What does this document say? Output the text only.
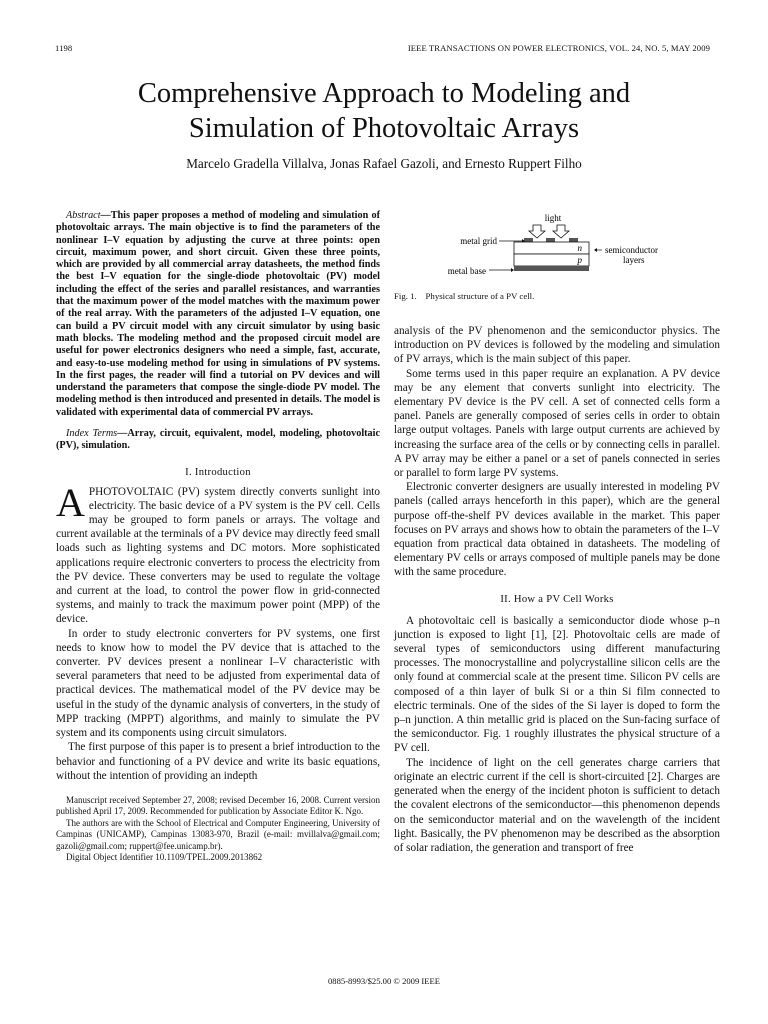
1198	IEEE TRANSACTIONS ON POWER ELECTRONICS, VOL. 24, NO. 5, MAY 2009
Comprehensive Approach to Modeling and
Simulation of Photovoltaic Arrays
Marcelo Gradella Villalva, Jonas Rafael Gazoli, and Ernesto Ruppert Filho

Abstract—This paper proposes a method of modeling and simulation of photovoltaic arrays. The main objective is to find the parameters of the nonlinear I–V equation by adjusting the curve at three points: open circuit, maximum power, and short circuit. Given these three points, which are provided by all commercial array datasheets, the method finds the best I–V equation for the single-diode photovoltaic (PV) model including the effect of the series and parallel resistances, and warranties that the maximum power of the model matches with the maximum power of the real array. With the parameters of the adjusted I–V equation, one can build a PV circuit model with any circuit simulator by using basic math blocks. The modeling method and the proposed circuit model are useful for power electronics designers who need a simple, fast, accurate, and easy-to-use modeling method for using in simulations of PV systems. In the first pages, the reader will find a tutorial on PV devices and will understand the parameters that compose the single-diode PV model. The modeling method is then introduced and presented in details. The model is validated with experimental data of commercial PV arrays.

Index Terms—Array, circuit, equivalent, model, modeling, photovoltaic (PV), simulation.

I. Introduction

APHOTOVOLTAIC (PV) system directly converts sunlight into electricity. The basic device of a PV system is the PV cell. Cells may be grouped to form panels or arrays. The voltage and current available at the terminals of a PV device may directly feed small loads such as lighting systems and DC motors. More sophisticated applications require electronic converters to process the electricity from the PV device. These converters may be used to regulate the voltage and current at the load, to control the power flow in grid-connected systems, and mainly to track the maximum power point (MPP) of the device.

In order to study electronic converters for PV systems, one first needs to know how to model the PV device that is attached to the converter. PV devices present a nonlinear I–V characteristic with several parameters that need to be adjusted from experimental data of practical devices. The mathematical model of the PV device may be useful in the study of the dynamic analysis of converters, in the study of MPP tracking (MPPT) algorithms, and mainly to simulate the PV system and its components using circuit simulators.

The first purpose of this paper is to present a brief introduction to the behavior and functioning of a PV device and write its basic equations, without the intention of providing an indepth

Manuscript received September 27, 2008; revised December 16, 2008. Current version published April 17, 2009. Recommended for publication by Associate Editor K. Ngo.

The authors are with the School of Electrical and Computer Engineering, University of Campinas (UNICAMP), Campinas 13083-970, Brazil (e-mail: mvillalva@gmail.com; gazoli@gmail.com; ruppert@fee.unicamp.br).

Digital Object Identifier 10.1109/TPEL.2009.2013862

light
metal grid
n
p
semiconductor
layers
metal base
Fig. 1. Physical structure of a PV cell.

analysis of the PV phenomenon and the semiconductor physics. The introduction on PV devices is followed by the modeling and simulation of PV arrays, which is the main subject of this paper.

Some terms used in this paper require an explanation. A PV device may be any element that converts sunlight into electricity. The elementary PV device is the PV cell. A set of connected cells form a panel. Panels are generally composed of series cells in order to obtain large output voltages. Panels with large output currents are achieved by increasing the surface area of the cells or by connecting cells in parallel. A PV array may be either a panel or a set of panels connected in series or parallel to form large PV systems.

Electronic converter designers are usually interested in modeling PV panels (called arrays henceforth in this paper), which are the general purpose off-the-shelf PV devices available in the market. This paper focuses on PV arrays and shows how to obtain the parameters of the I–V equation from practical data obtained in datasheets. The modeling of elementary PV cells or arrays composed of multiple panels may be done with the same procedure.

II. How a PV Cell Works

A photovoltaic cell is basically a semiconductor diode whose p–n junction is exposed to light [1], [2]. Photovoltaic cells are made of several types of semiconductors using different manufacturing processes. The monocrystalline and polycrystalline silicon cells are the only found at commercial scale at the present time. Silicon PV cells are composed of a thin layer of bulk Si or a thin Si film connected to electric terminals. One of the sides of the Si layer is doped to form the p–n junction. A thin metallic grid is placed on the Sun-facing surface of the semiconductor. Fig. 1 roughly illustrates the physical structure of a PV cell.

The incidence of light on the cell generates charge carriers that originate an electric current if the cell is short-circuited [2]. Charges are generated when the energy of the incident photon is sufficient to detach the covalent electrons of the semiconductor—this phenomenon depends on the semiconductor material and on the wavelength of the incident light. Basically, the PV phenomenon may be described as the absorption of solar radiation, the generation and transport of free

0885-8993/$25.00 © 2009 IEEE
